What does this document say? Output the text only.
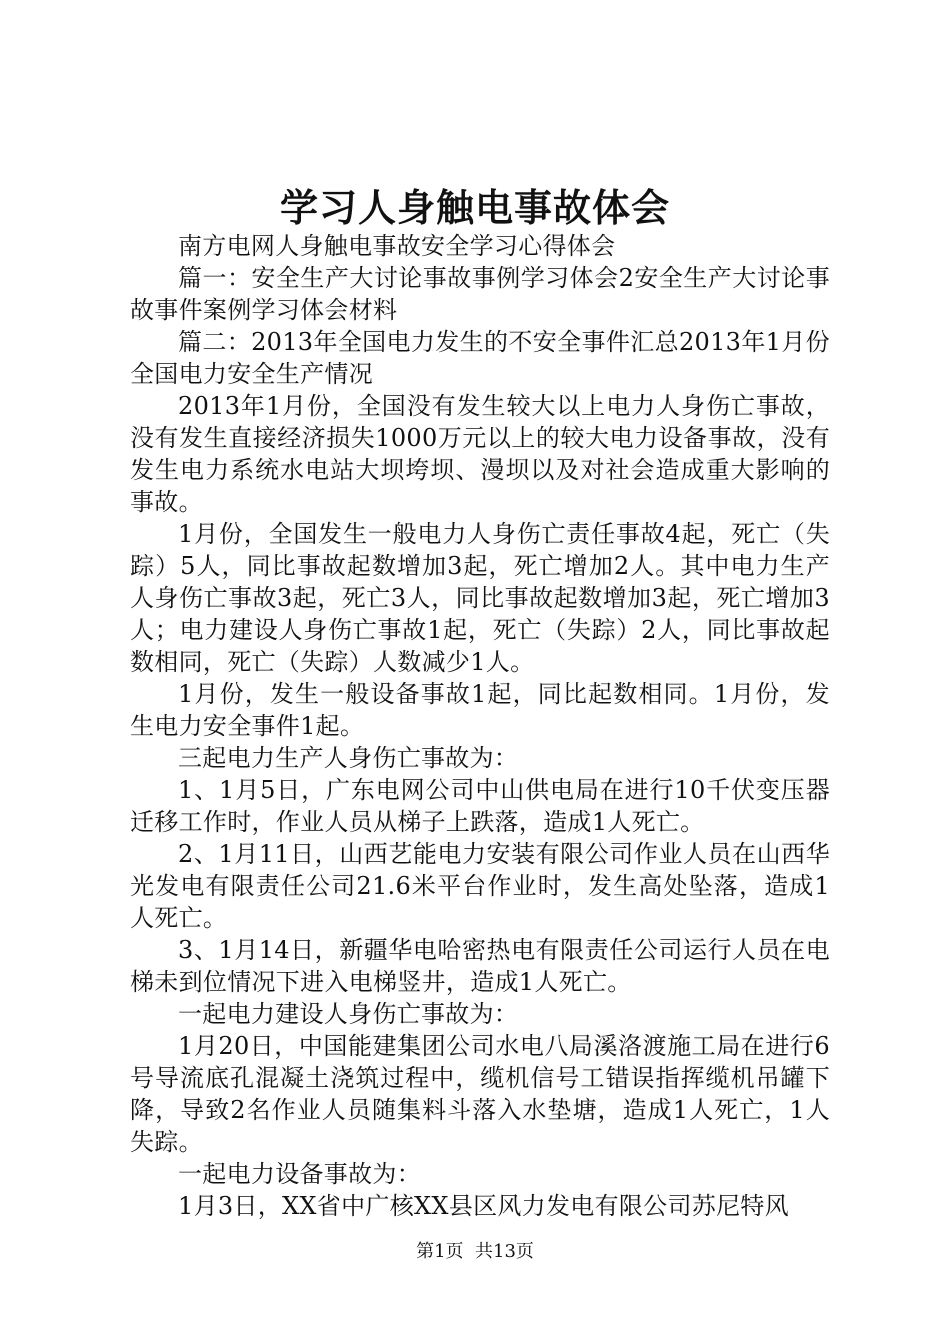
学习人身触电事故体会

南方电网人身触电事故安全学习心得体会

篇一：安全生产大讨论事故事例学习体会2安全生产大讨论事故事件案例学习体会材料

篇二：2013年全国电力发生的不安全事件汇总2013年1月份全国电力安全生产情况

2013年1月份，全国没有发生较大以上电力人身伤亡事故，没有发生直接经济损失1000万元以上的较大电力设备事故，没有发生电力系统水电站大坝垮坝、漫坝以及对社会造成重大影响的事故。

1月份，全国发生一般电力人身伤亡责任事故4起，死亡（失踪）5人，同比事故起数增加3起，死亡增加2人。其中电力生产人身伤亡事故3起，死亡3人，同比事故起数增加3起，死亡增加3人；电力建设人身伤亡事故1起，死亡（失踪）2人，同比事故起数相同，死亡（失踪）人数减少1人。

1月份，发生一般设备事故1起，同比起数相同。1月份，发生电力安全事件1起。

三起电力生产人身伤亡事故为：

1、1月5日，广东电网公司中山供电局在进行10千伏变压器迁移工作时，作业人员从梯子上跌落，造成1人死亡。

2、1月11日，山西艺能电力安装有限公司作业人员在山西华光发电有限责任公司21.6米平台作业时，发生高处坠落，造成1人死亡。

3、1月14日，新疆华电哈密热电有限责任公司运行人员在电梯未到位情况下进入电梯竖井，造成1人死亡。

一起电力建设人身伤亡事故为：

1月20日，中国能建集团公司水电八局溪洛渡施工局在进行6号导流底孔混凝土浇筑过程中，缆机信号工错误指挥缆机吊罐下降，导致2名作业人员随集料斗落入水垫塘，造成1人死亡，1人失踪。

一起电力设备事故为：

1月3日，XX省中广核XX县区风力发电有限公司苏尼特风

第1页 共13页
